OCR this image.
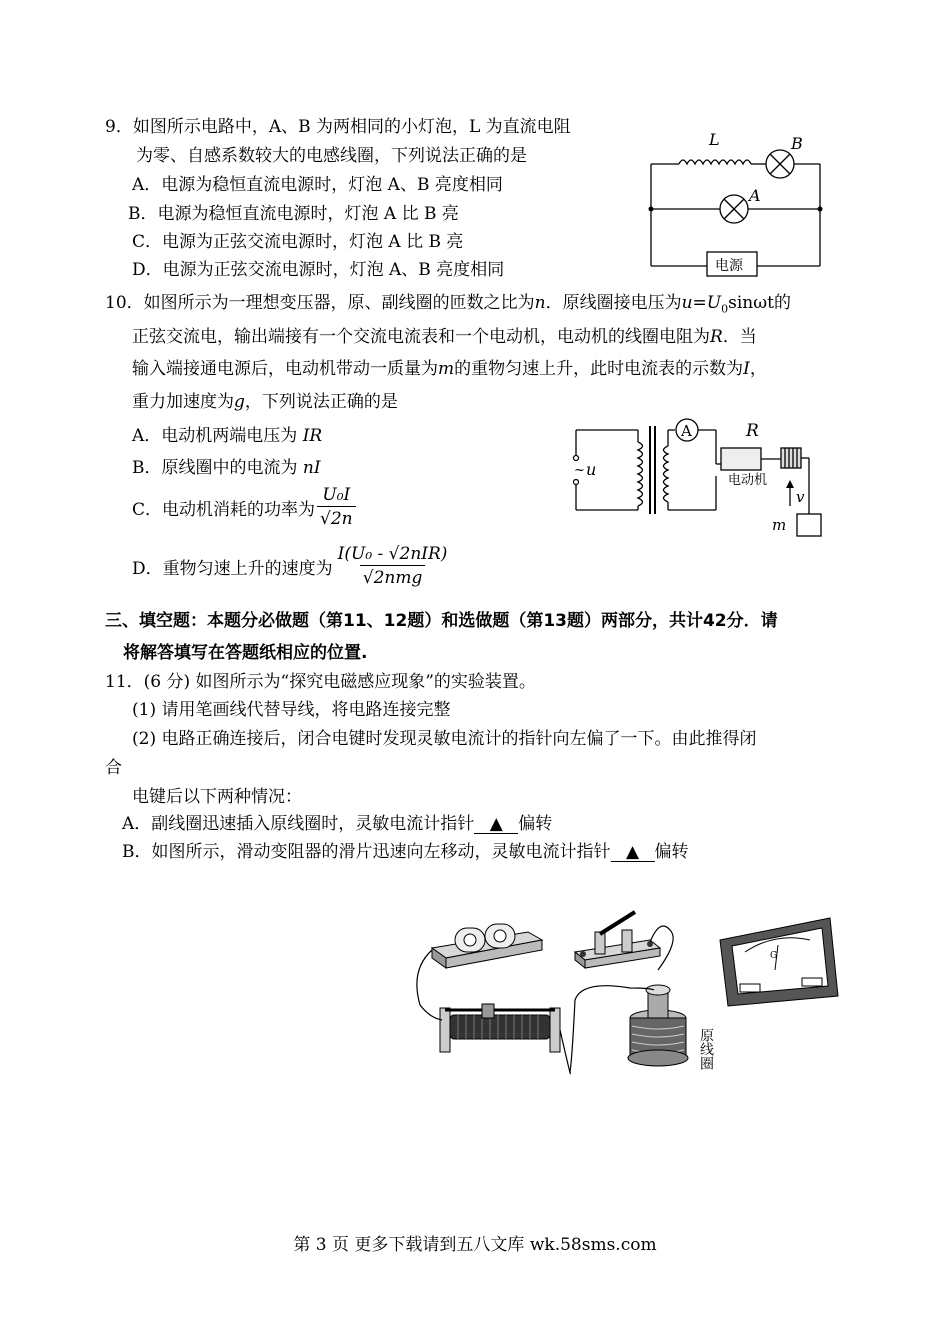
9．如图所示电路中，A、B 为两相同的小灯泡，L 为直流电阻
为零、自感系数较大的电感线圈，下列说法正确的是
A．电源为稳恒直流电源时，灯泡 A、B 亮度相同
B．电源为稳恒直流电源时，灯泡 A 比 B 亮
C．电源为正弦交流电源时，灯泡 A 比 B 亮
D．电源为正弦交流电源时，灯泡 A、B 亮度相同
L	B
A
电源
10．如图所示为一理想变压器，原、副线圈的匝数之比为n．原线圈接电压为$u=U_0\sin\omega t$的
正弦交流电，输出端接有一个交流电流表和一个电动机，电动机的线圈电阻为R．当
输入端接通电源后，电动机带动一质量为m的重物匀速上升，此时电流表的示数为I，
重力加速度为g，下列说法正确的是
A．电动机两端电压为 IR
B．原线圈中的电流为 nI
C．电动机消耗的功率为 $\frac{\text{U₀I}}{√2n}$
D．重物匀速上升的速度为 $\frac{\text{I(U₀ - √2nIR)}}{\text{√2nmg}}$
~ u
A	R
电动机
v
m
三、填空题：本题分必做题（第11、12题）和选做题（第13题）两部分，共计42分．请
将解答填写在答题纸相应的位置.
11．(6 分) 如图所示为“探究电磁感应现象”的实验装置。
(1) 请用笔画线代替导线，将电路连接完整
(2) 电路正确连接后，闭合电键时发现灵敏电流计的指针向左偏了一下。由此推得闭
合
电键后以下两种情况：
A．副线圈迅速插入原线圈时，灵敏电流计指针 ▲ 偏转
B．如图所示，滑动变阻器的滑片迅速向左移动，灵敏电流计指针 ▲ 偏转
G
原线圈
第 3 页 更多下载请到五八文库 wk.58sms.com
